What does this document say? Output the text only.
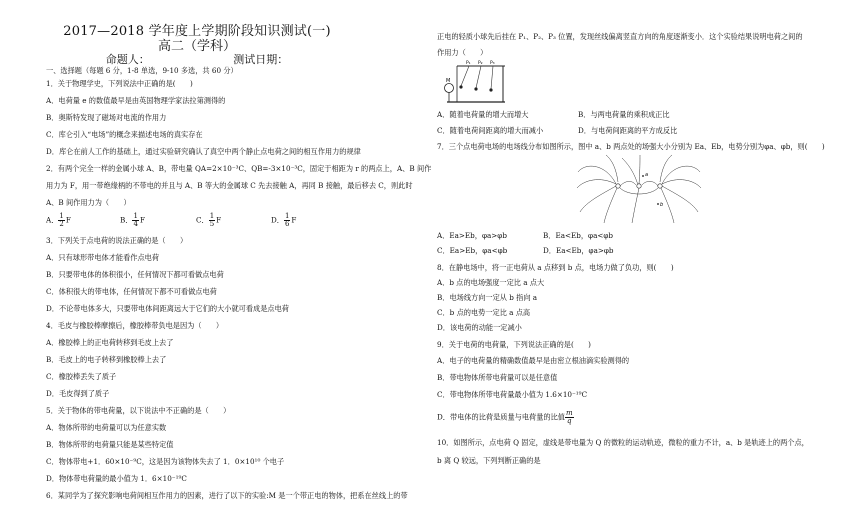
2017—2018 学年度上学期阶段知识测试(一)
高二（学科）
命题人：	测试日期：
一、选择题（每题 6 分，1-8 单选，9-10 多选，共 60 分）
1．关于物理学史，下列说法中正确的是(　　)
A．电荷量 e 的数值最早是由英国物理学家法拉第测得的
B．奥斯特发现了磁场对电流的作用力
C．库仑引入“电场”的概念来描述电场的真实存在
D．库仑在前人工作的基础上，通过实验研究确认了真空中两个静止点电荷之间的相互作用力的规律
2．有两个完全一样的金属小球 A、B，带电量 QA=2×10⁻³C、QB=-3×10⁻³C，固定于相距为 r 的两点上，A、B 间作
用力为 F，用一带绝缘柄的不带电的并且与 A、B 等大的金属球 C 先去接触 A，再同 B 接触，最后移去 C，则此时
A、B 间作用力为（　　）
A． $\frac{1}{2}$ F	B． $\frac{1}{4}$ F	C． $\frac{1}{5}$ F	D． $\frac{1}{6}$ F
3．下列关于点电荷的说法正确的是（　　）
A．只有球形带电体才能看作点电荷
B．只要带电体的体积很小，任何情况下都可看做点电荷
C．体积很大的带电体，任何情况下都不可看做点电荷
D．不论带电体多大，只要带电体间距离远大于它们的大小就可看成是点电荷
4．毛皮与橡胶棒摩擦后，橡胶棒带负电是因为（　　）
A．橡胶棒上的正电荷转移到毛皮上去了
B．毛皮上的电子转移到橡胶棒上去了
C．橡胶棒丢失了质子
D．毛皮得到了质子
5．关于物体的带电荷量，以下说法中不正确的是（　　）
A．物体所带的电荷量可以为任意实数
B．物体所带的电荷量只能是某些特定值
C．物体带电+1．60×10⁻⁹C，这是因为该物体失去了 1．0×10¹⁰ 个电子
D．物体带电荷量的最小值为 1．6×10⁻¹⁹C
6．某同学为了探究影响电荷间相互作用力的因素，进行了以下的实验:M 是一个带正电的物体，把系在丝线上的带
正电的轻质小球先后挂在 P₁、P₂、P₃ 位置，发现丝线偏离竖直方向的角度逐渐变小．这个实验结果说明电荷之间的
作用力（　　）
M
P₁ P₂ P₃
A．随着电荷量的增大而增大	B．与两电荷量的乘积成正比
C．随着电荷间距离的增大而减小	D．与电荷间距离的平方成反比
7．三个点电荷电场的电场线分布如图所示，图中 a、b 两点处的场强大小分别为 Ea、Eb，电势分别为φa、φb，则(　　)
a
b
A．Ea>Eb，φa>φb	B．Ea<Eb，φa<φb
C．Ea>Eb，φa<φb	D．Ea<Eb，φa>φb
8．在静电场中，将一正电荷从 a 点移到 b 点，电场力做了负功，则(　　)
A．b 点的电场强度一定比 a 点大
B．电场线方向一定从 b 指向 a
C．b 点的电势一定比 a 点高
D．该电荷的动能一定减小
9．关于电荷的电荷量，下列说法正确的是(　　)
A．电子的电荷量的精确数值最早是由密立根油滴实验测得的
B．带电物体所带电荷量可以是任意值
C．带电物体所带电荷量最小值为 1.6×10⁻¹⁹C
D．带电体的比荷是质量与电荷量的比值 $\frac{m}{q}$
10．如图所示，点电荷 Q 固定，虚线是带电量为 Q 的微粒的运动轨迹，微粒的重力不计，a、b 是轨迹上的两个点，
b 离 Q 较远，下列判断正确的是
